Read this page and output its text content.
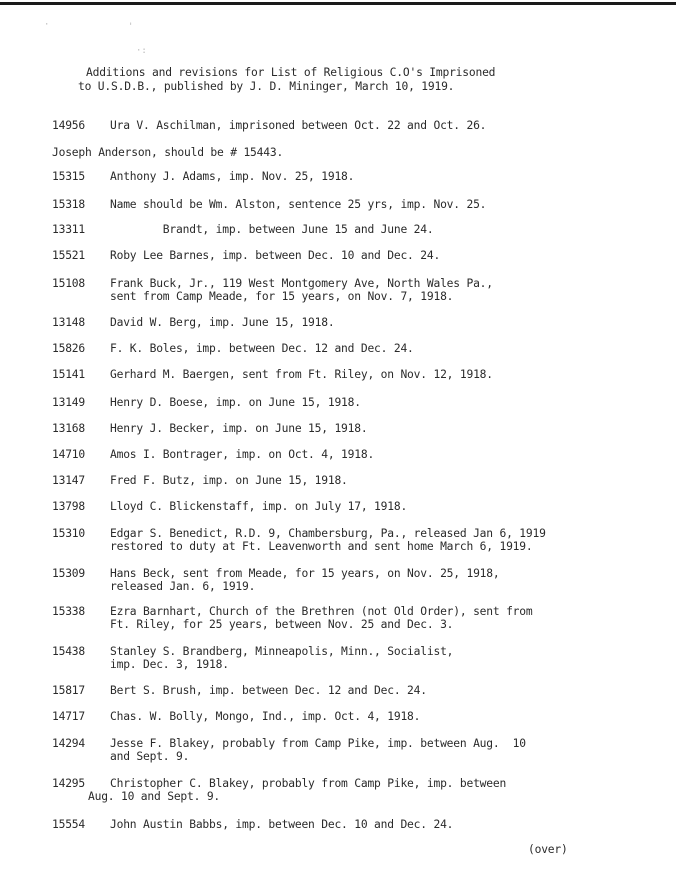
·	'
·:
Additions and revisions for List of Religious C.O's Imprisoned
to U.S.D.B., published by J. D. Mininger, March 10, 1919.
14956	Ura V. Aschilman, imprisoned between Oct. 22 and Oct. 26.
Joseph Anderson, should be # 15443.
15315	Anthony J. Adams, imp. Nov. 25, 1918.
15318	Name should be Wm. Alston, sentence 25 yrs, imp. Nov. 25.
13311	Brandt, imp. between June 15 and June 24.
15521	Roby Lee Barnes, imp. between Dec. 10 and Dec. 24.
15108	Frank Buck, Jr., 119 West Montgomery Ave, North Wales Pa.,
sent from Camp Meade, for 15 years, on Nov. 7, 1918.
13148	David W. Berg, imp. June 15, 1918.
15826	F. K. Boles, imp. between Dec. 12 and Dec. 24.
15141	Gerhard M. Baergen, sent from Ft. Riley, on Nov. 12, 1918.
13149	Henry D. Boese, imp. on June 15, 1918.
13168	Henry J. Becker, imp. on June 15, 1918.
14710	Amos I. Bontrager, imp. on Oct. 4, 1918.
13147	Fred F. Butz, imp. on June 15, 1918.
13798	Lloyd C. Blickenstaff, imp. on July 17, 1918.
15310	Edgar S. Benedict, R.D. 9, Chambersburg, Pa., released Jan 6, 1919
restored to duty at Ft. Leavenworth and sent home March 6, 1919.
15309	Hans Beck, sent from Meade, for 15 years, on Nov. 25, 1918,
released Jan. 6, 1919.
15338	Ezra Barnhart, Church of the Brethren (not Old Order), sent from
Ft. Riley, for 25 years, between Nov. 25 and Dec. 3.
15438	Stanley S. Brandberg, Minneapolis, Minn., Socialist,
imp. Dec. 3, 1918.
15817	Bert S. Brush, imp. between Dec. 12 and Dec. 24.
14717	Chas. W. Bolly, Mongo, Ind., imp. Oct. 4, 1918.
14294	Jesse F. Blakey, probably from Camp Pike, imp. between Aug.  10
and Sept. 9.
14295	Christopher C. Blakey, probably from Camp Pike, imp. between
Aug. 10 and Sept. 9.
15554	John Austin Babbs, imp. between Dec. 10 and Dec. 24.
(over)
